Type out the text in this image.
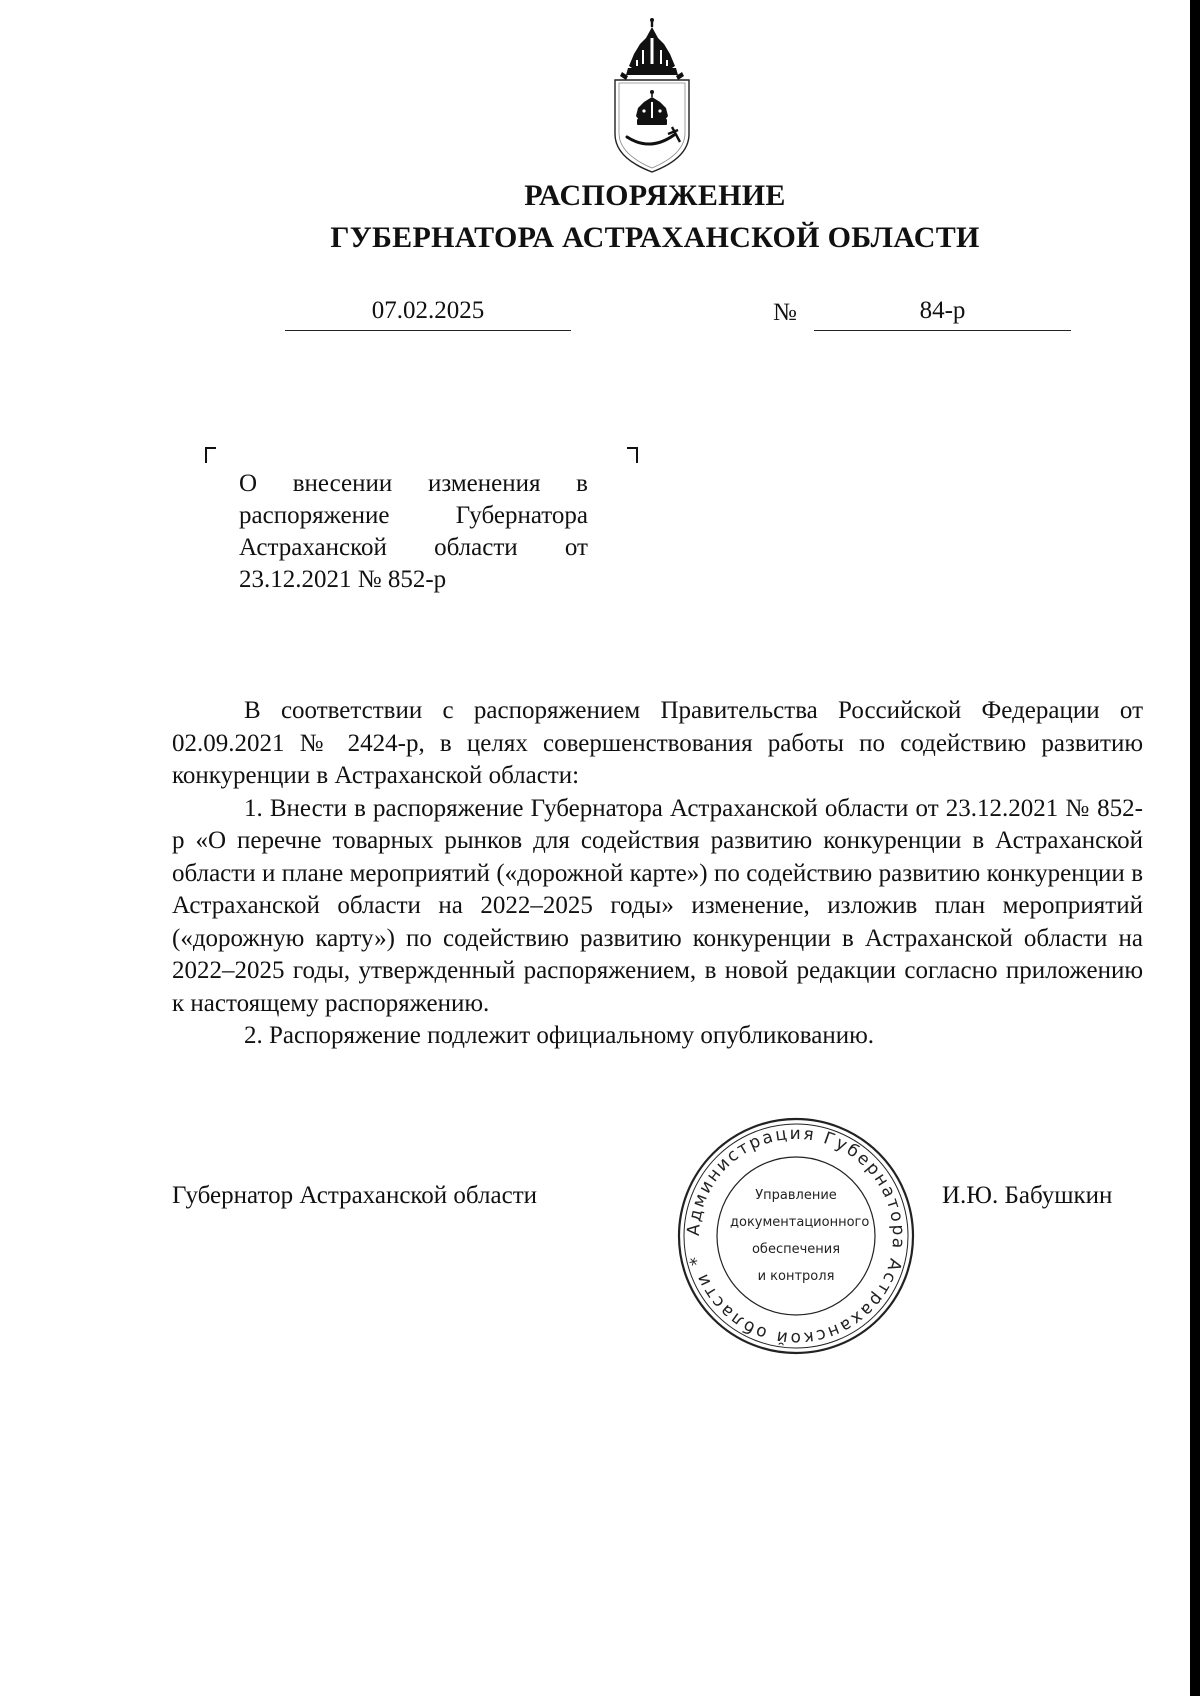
РАСПОРЯЖЕНИЕ
ГУБЕРНАТОРА АСТРАХАНСКОЙ ОБЛАСТИ
07.02.2025	№	84-р
О внесении изменения в
распоряжение Губернатора
Астраханской области от
23.12.2021 № 852-р

В соответствии с распоряжением Правительства Российской Федерации от 02.09.2021 № 2424-р, в целях совершенствования работы по содействию развитию конкуренции в Астраханской области:

1. Внести в распоряжение Губернатора Астраханской области от 23.12.2021 № 852-р «О перечне товарных рынков для содействия развитию конкуренции в Астраханской области и плане мероприятий («дорожной карте») по содействию развитию конкуренции в Астраханской области на 2022–2025 годы» изменение, изложив план мероприятий («дорожную карту») по содействию развитию конкуренции в Астраханской области на 2022–2025 годы, утвержденный распоряжением, в новой редакции согласно приложению к настоящему распоряжению.

2. Распоряжение подлежит официальному опубликованию.

Губернатор Астраханской области
Администрация Губернатора Астраханской области *
Управление
документационного
обеспечения
и контроля
И.Ю. Бабушкин
